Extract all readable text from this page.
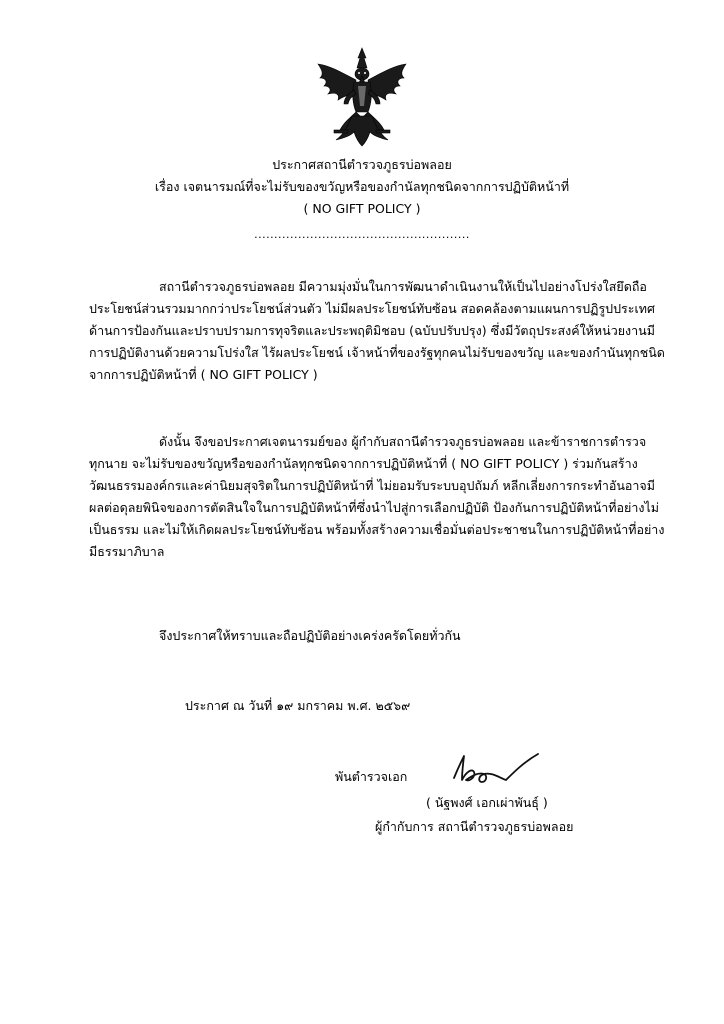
ประกาศสถานีตำรวจภูธรบ่อพลอย
เรื่อง เจตนารมณ์ที่จะไม่รับของขวัญหรือของกำนัลทุกชนิดจากการปฏิบัติหน้าที่
( NO GIFT POLICY )
......................................................
สถานีตำรวจภูธรบ่อพลอย มีความมุ่งมั่นในการพัฒนาดำเนินงานให้เป็นไปอย่างโปร่งใสยึดถือ
ประโยชน์ส่วนรวมมากกว่าประโยชน์ส่วนตัว ไม่มีผลประโยชน์ทับซ้อน สอดคล้องตามแผนการปฏิรูปประเทศ
ด้านการป้องกันและปราบปรามการทุจริตและประพฤติมิชอบ (ฉบับปรับปรุง) ซึ่งมีวัตถุประสงค์ให้หน่วยงานมี
การปฏิบัติงานด้วยความโปร่งใส ไร้ผลประโยชน์ เจ้าหน้าที่ของรัฐทุกคนไม่รับของขวัญ และของกำนันทุกชนิด
จากการปฏิบัติหน้าที่ ( NO GIFT POLICY )
ดังนั้น จึงขอประกาศเจตนารมย์ของ ผู้กำกับสถานีตำรวจภูธรบ่อพลอย และข้าราชการตำรวจ
ทุกนาย จะไม่รับของขวัญหรือของกำนัลทุกชนิดจากการปฏิบัติหน้าที่ ( NO GIFT POLICY ) ร่วมกันสร้าง
วัฒนธรรมองค์กรและค่านิยมสุจริตในการปฏิบัติหน้าที่ ไม่ยอมรับระบบอุปถัมภ์ หลีกเลี่ยงการกระทำอันอาจมี
ผลต่อดุลยพินิจของการตัดสินใจในการปฏิบัติหน้าที่ซึ่งนำไปสู่การเลือกปฏิบัติ ป้องกันการปฏิบัติหน้าที่อย่างไม่
เป็นธรรม และไม่ให้เกิดผลประโยชน์ทับซ้อน พร้อมทั้งสร้างความเชื่อมั่นต่อประชาชนในการปฏิบัติหน้าที่อย่าง
มีธรรมาภิบาล
จึงประกาศให้ทราบและถือปฏิบัติอย่างเคร่งครัดโดยทั่วกัน
ประกาศ ณ วันที่ ๑๙ มกราคม พ.ศ. ๒๕๖๙
พันตำรวจเอก
( นัฐพงศ์ เอกเผ่าพันธุ์ )
ผู้กำกับการ สถานีตำรวจภูธรบ่อพลอย
